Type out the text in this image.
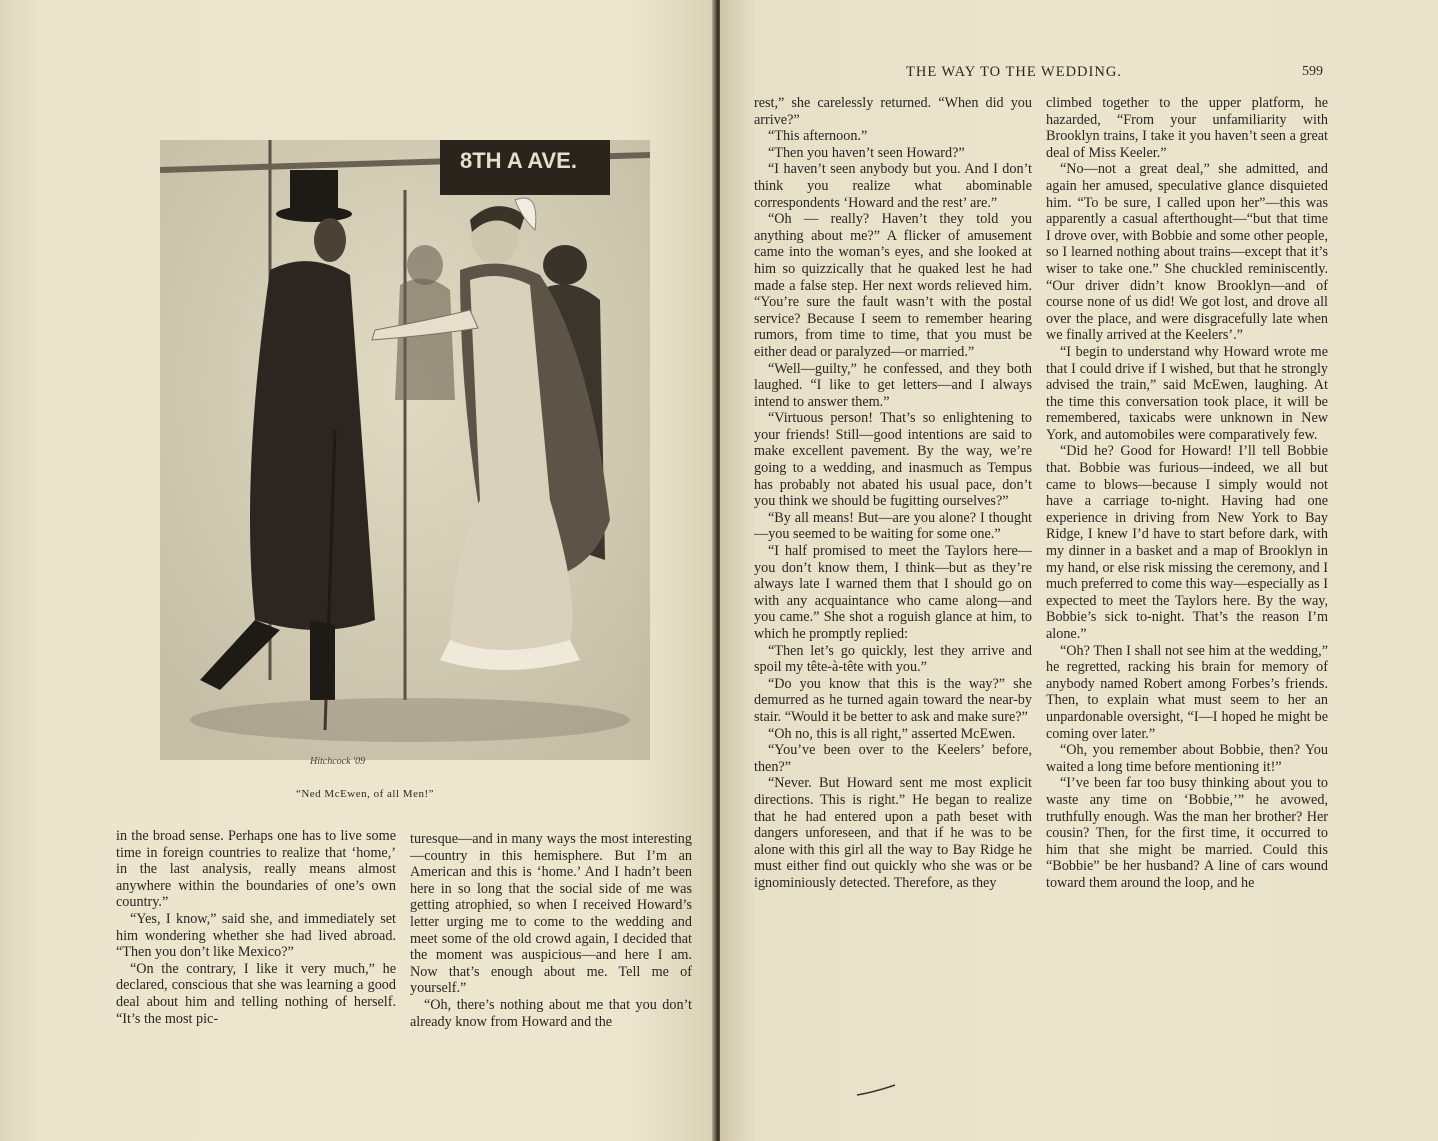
8TH A AVE.
Hitchcock '09
“Ned McEwen, of all Men!”

in the broad sense. Perhaps one has to live some time in foreign countries to realize that ‘home,’ in the last analysis, really means almost anywhere within the boundaries of one’s own country.”

“Yes, I know,” said she, and immediately set him wondering whether she had lived abroad. “Then you don’t like Mexico?”

“On the contrary, I like it very much,” he declared, conscious that she was learning a good deal about him and telling nothing of herself. “It’s the most pic-

turesque—and in many ways the most interesting—country in this hemisphere. But I’m an American and this is ‘home.’ And I hadn’t been here in so long that the social side of me was getting atrophied, so when I received Howard’s letter urging me to come to the wedding and meet some of the old crowd again, I decided that the moment was auspicious—and here I am. Now that’s enough about me. Tell me of yourself.”

“Oh, there’s nothing about me that you don’t already know from Howard and the

THE WAY TO THE WEDDING.	599

rest,” she carelessly returned. “When did you arrive?”

“This afternoon.”

“Then you haven’t seen Howard?”

“I haven’t seen anybody but you. And I don’t think you realize what abominable correspondents ‘Howard and the rest’ are.”

“Oh — really? Haven’t they told you anything about me?” A flicker of amusement came into the woman’s eyes, and she looked at him so quizzically that he quaked lest he had made a false step. Her next words relieved him. “You’re sure the fault wasn’t with the postal service? Because I seem to remember hearing rumors, from time to time, that you must be either dead or paralyzed—or married.”

“Well—guilty,” he confessed, and they both laughed. “I like to get letters—and I always intend to answer them.”

“Virtuous person! That’s so enlightening to your friends! Still—good intentions are said to make excellent pavement. By the way, we’re going to a wedding, and inasmuch as Tempus has probably not abated his usual pace, don’t you think we should be fugitting ourselves?”

“By all means! But—are you alone? I thought—you seemed to be waiting for some one.”

“I half promised to meet the Taylors here—you don’t know them, I think—but as they’re always late I warned them that I should go on with any acquaintance who came along—and you came.” She shot a roguish glance at him, to which he promptly replied:

“Then let’s go quickly, lest they arrive and spoil my tête-à-tête with you.”

“Do you know that this is the way?” she demurred as he turned again toward the near-by stair. “Would it be better to ask and make sure?”

“Oh no, this is all right,” asserted McEwen.

“You’ve been over to the Keelers’ before, then?”

“Never. But Howard sent me most explicit directions. This is right.” He began to realize that he had entered upon a path beset with dangers unforeseen, and that if he was to be alone with this girl all the way to Bay Ridge he must either find out quickly who she was or be ignominiously detected. Therefore, as they

climbed together to the upper platform, he hazarded, “From your unfamiliarity with Brooklyn trains, I take it you haven’t seen a great deal of Miss Keeler.”

“No—not a great deal,” she admitted, and again her amused, speculative glance disquieted him. “To be sure, I called upon her”—this was apparently a casual afterthought—“but that time I drove over, with Bobbie and some other people, so I learned nothing about trains—except that it’s wiser to take one.” She chuckled reminiscently. “Our driver didn’t know Brooklyn—and of course none of us did! We got lost, and drove all over the place, and were disgracefully late when we finally arrived at the Keelers’.”

“I begin to understand why Howard wrote me that I could drive if I wished, but that he strongly advised the train,” said McEwen, laughing. At the time this conversation took place, it will be remembered, taxicabs were unknown in New York, and automobiles were comparatively few.

“Did he? Good for Howard! I’ll tell Bobbie that. Bobbie was furious—indeed, we all but came to blows—because I simply would not have a carriage to-night. Having had one experience in driving from New York to Bay Ridge, I knew I’d have to start before dark, with my dinner in a basket and a map of Brooklyn in my hand, or else risk missing the ceremony, and I much preferred to come this way—especially as I expected to meet the Taylors here. By the way, Bobbie’s sick to-night. That’s the reason I’m alone.”

“Oh? Then I shall not see him at the wedding,” he regretted, racking his brain for memory of anybody named Robert among Forbes’s friends. Then, to explain what must seem to her an unpardonable oversight, “I—I hoped he might be coming over later.”

“Oh, you remember about Bobbie, then? You waited a long time before mentioning it!”

“I’ve been far too busy thinking about you to waste any time on ‘Bobbie,’” he avowed, truthfully enough. Was the man her brother? Her cousin? Then, for the first time, it occurred to him that she might be married. Could this “Bobbie” be her husband? A line of cars wound toward them around the loop, and he
